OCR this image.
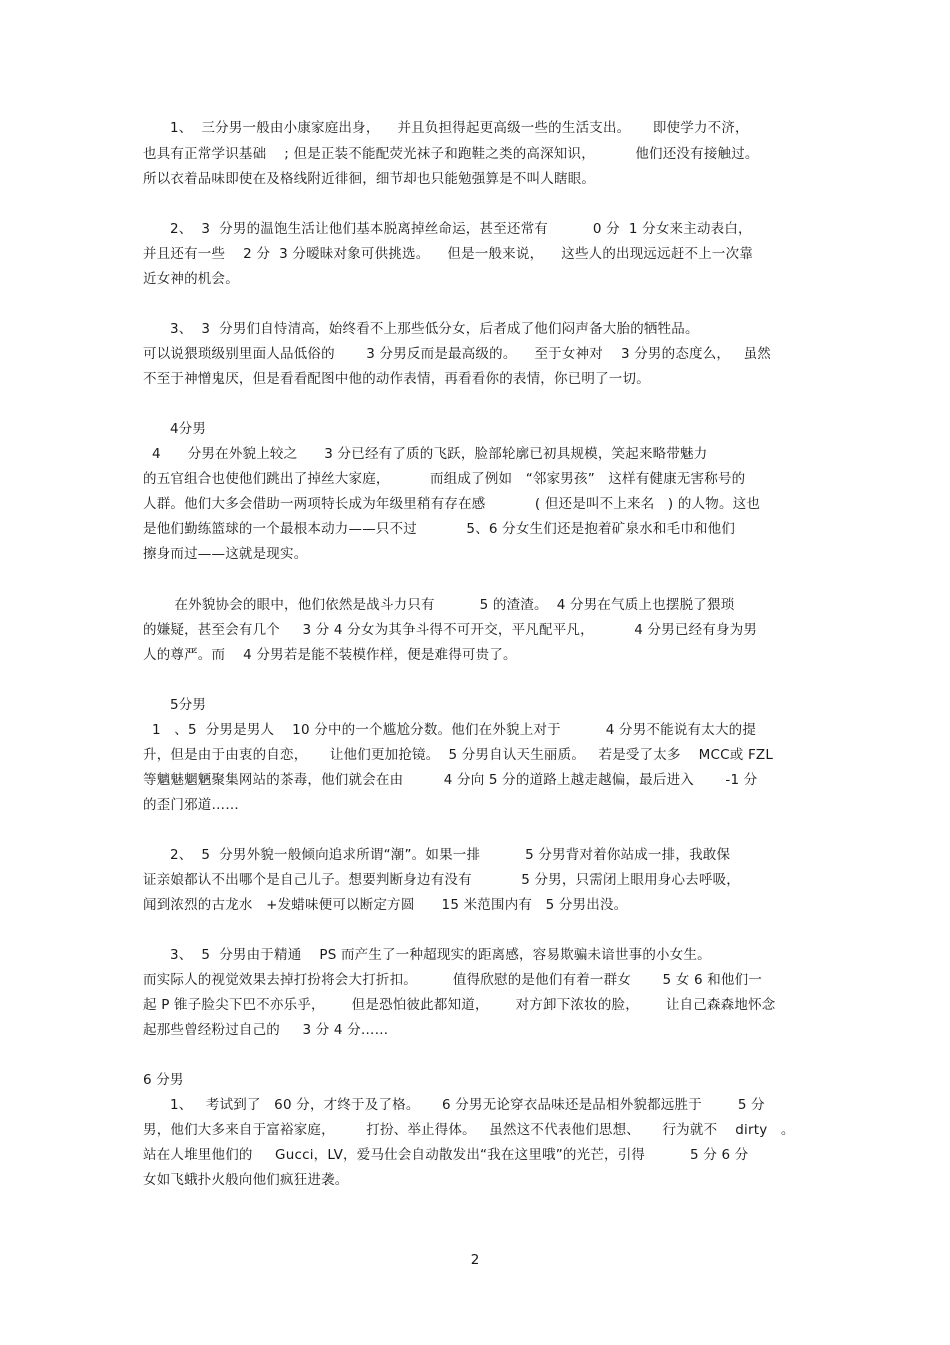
1、  三分男一般由小康家庭出身，    并且负担得起更高级一些的生活支出。     即使学力不济，
也具有正常学识基础    ; 但是正装不能配荧光袜子和跑鞋之类的高深知识，         他们还没有接触过。
所以衣着品味即使在及格线附近徘徊，细节却也只能勉强算是不叫人瞎眼。
2、  3  分男的温饱生活让他们基本脱离掉丝命运，甚至还常有          0 分  1 分女来主动表白，
并且还有一些    2 分  3 分暧昧对象可供挑选。    但是一般来说，    这些人的出现远远赶不上一次靠
近女神的机会。
3、  3  分男们自恃清高，始终看不上那些低分女，后者成了他们闷声备大胎的牺牲品。
可以说猥琐级别里面人品低俗的       3 分男反而是最高级的。    至于女神对    3 分男的态度么，   虽然
不至于神憎鬼厌，但是看看配图中他的动作表情，再看看你的表情，你已明了一切。
4分男
4      分男在外貌上较之      3 分已经有了质的飞跃，脸部轮廓已初具规模，笑起来略带魅力
的五官组合也使他们跳出了掉丝大家庭，         而组成了例如   “邻家男孩”   这样有健康无害称号的
人群。他们大多会借助一两项特长成为年级里稍有存在感           ( 但还是叫不上来名   ) 的人物。这也
是他们勤练篮球的一个最根本动力——只不过           5、6 分女生们还是抱着矿泉水和毛巾和他们
擦身而过——这就是现实。
在外貌协会的眼中，他们依然是战斗力只有          5 的渣渣。  4 分男在气质上也摆脱了猥琐
的嫌疑，甚至会有几个     3 分 4 分女为其争斗得不可开交，平凡配平凡，         4 分男已经有身为男
人的尊严。而    4 分男若是能不装模作样，便是难得可贵了。
5分男
1   、5  分男是男人    10 分中的一个尴尬分数。他们在外貌上对于          4 分男不能说有太大的提
升，但是由于由衷的自恋，     让他们更加抢镜。  5 分男自认天生丽质。   若是受了太多    MCC或 FZL
等魑魅魍魉聚集网站的茶毒，他们就会在由         4 分向 5 分的道路上越走越偏，最后进入       -1 分
的歪门邪道……
2、  5  分男外貌一般倾向追求所谓“潮”。如果一排          5 分男背对着你站成一排，我敢保
证亲娘都认不出哪个是自己儿子。想要判断身边有没有           5 分男，只需闭上眼用身心去呼吸，
闻到浓烈的古龙水   +发蜡味便可以断定方圆      15 米范围内有   5 分男出没。
3、  5  分男由于精通    PS 而产生了一种超现实的距离感，容易欺骗未谙世事的小女生。
而实际人的视觉效果去掉打扮将会大打折扣。        值得欣慰的是他们有着一群女       5 女 6 和他们一
起 P 锥子脸尖下巴不亦乐乎，      但是恐怕彼此都知道，      对方卸下浓妆的脸，      让自己森森地怀念
起那些曾经粉过自己的     3 分 4 分……
6 分男
1、   考试到了   60 分，才终于及了格。     6 分男无论穿衣品味还是品相外貌都远胜于        5 分
男，他们大多来自于富裕家庭，       打扮、举止得体。   虽然这不代表他们思想、     行为就不    dirty   。
站在人堆里他们的     Gucci，LV，爱马仕会自动散发出“我在这里哦”的光芒，引得          5 分 6 分
女如飞蛾扑火般向他们疯狂进袭。
2
